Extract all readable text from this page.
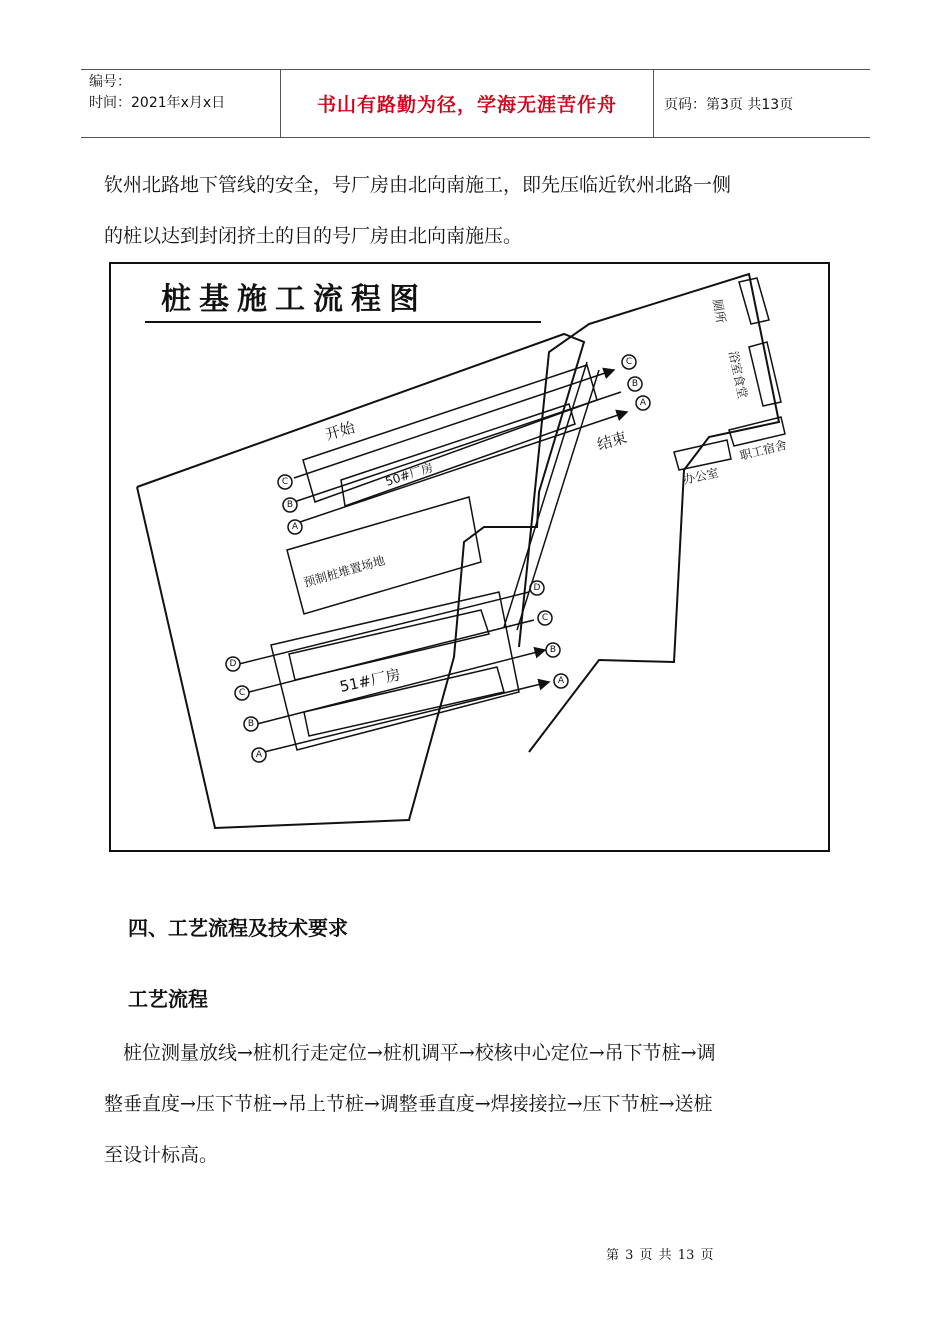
编号：
时间：2021年x月x日	书山有路勤为径，学海无涯苦作舟	页码：第3页 共13页
钦州北路地下管线的安全，号厂房由北向南施工，即先压临近钦州北路一侧
的桩以达到封闭挤土的目的号厂房由北向南施压。
桩基施工流程图	厕所
浴室食堂
办公室
职工宿舍
50#厂房
开始	结束
C
B
A
C
B
A
预制桩堆置场地
51#厂房
D
C
B
A
D
C
B
A
四、工艺流程及技术要求
工艺流程
　桩位测量放线→桩机行走定位→桩机调平→校核中心定位→吊下节桩→调
整垂直度→压下节桩→吊上节桩→调整垂直度→焊接接拉→压下节桩→送桩
至设计标高。
第 3 页 共 13 页
